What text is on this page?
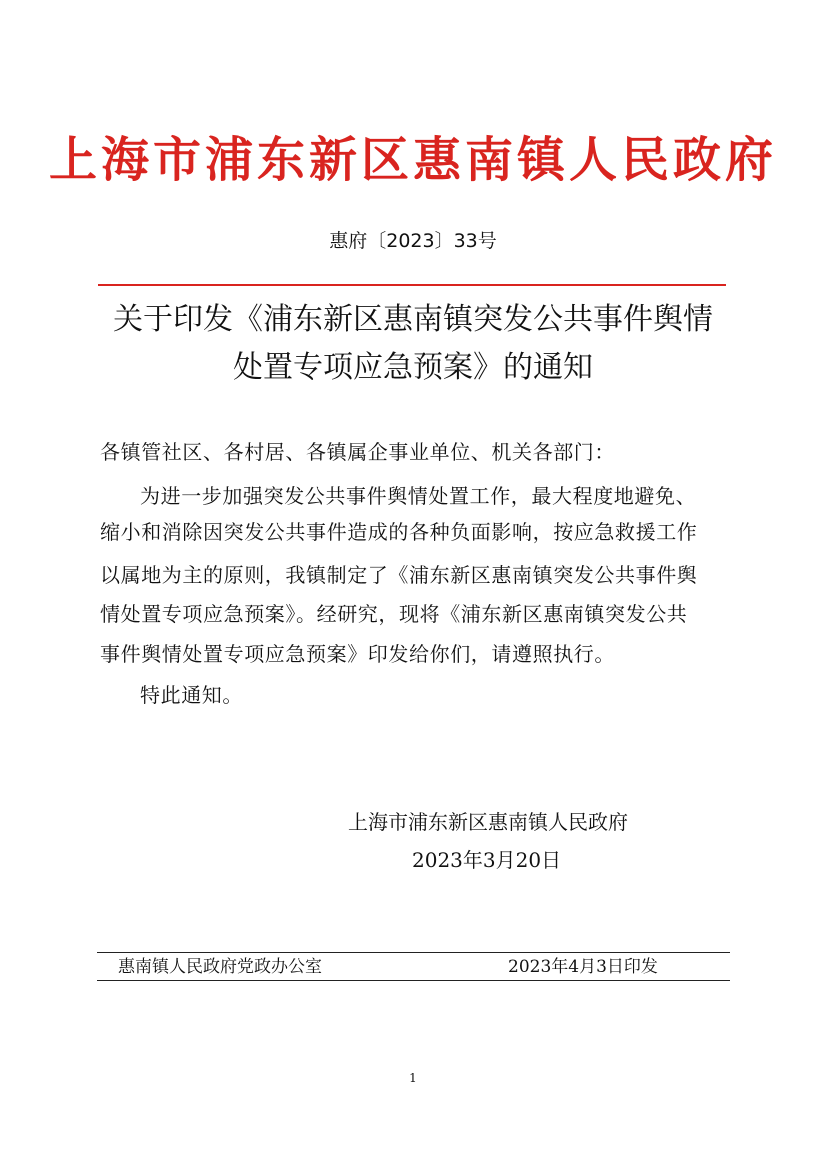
上海市浦东新区惠南镇人民政府
惠府〔2023〕33号
关于印发《浦东新区惠南镇突发公共事件舆情
处置专项应急预案》的通知
各镇管社区、各村居、各镇属企事业单位、机关各部门：
为进一步加强突发公共事件舆情处置工作，最大程度地避免、
缩小和消除因突发公共事件造成的各种负面影响，按应急救援工作
以属地为主的原则，我镇制定了《浦东新区惠南镇突发公共事件舆
情处置专项应急预案》。经研究，现将《浦东新区惠南镇突发公共
事件舆情处置专项应急预案》印发给你们，请遵照执行。
特此通知。
上海市浦东新区惠南镇人民政府
2023年3月20日
惠南镇人民政府党政办公室	2023年4月3日印发
1
